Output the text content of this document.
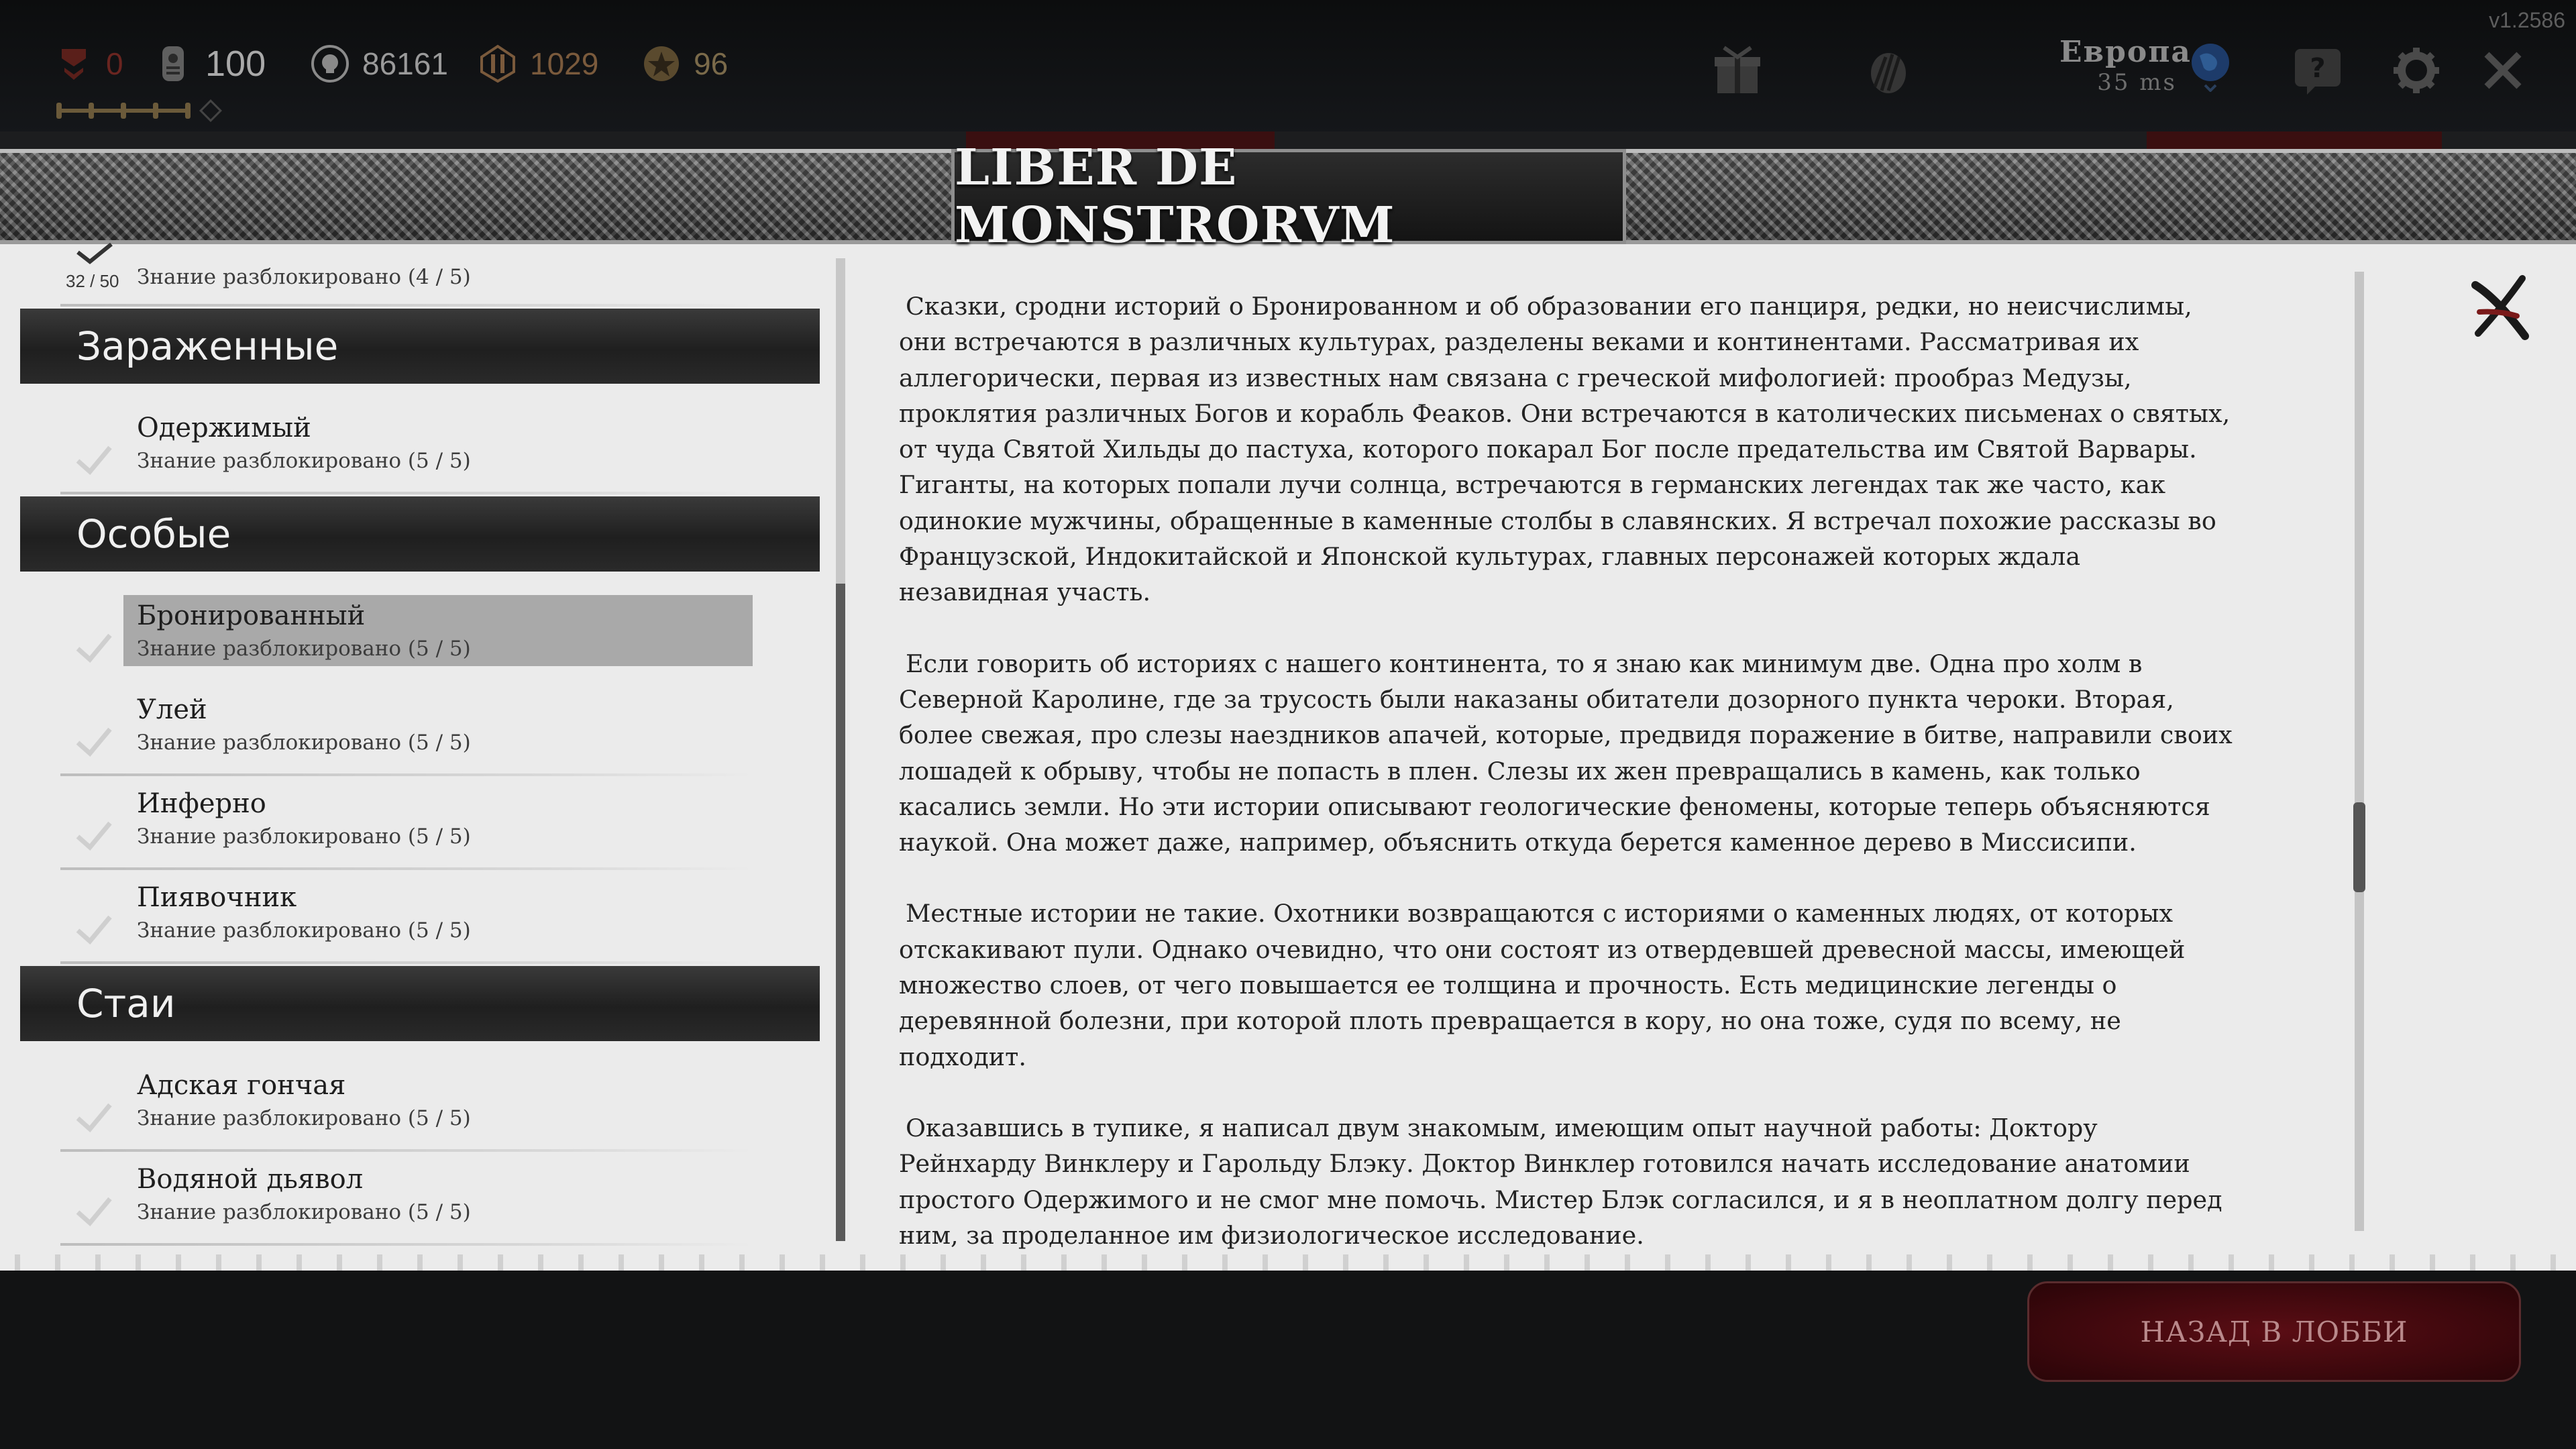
0 100	86161	1029	96	Европа
35 ms	?
v1.2586
LIBER DE MONSTRORVM
Знание разблокировано (4 / 5)
Зараженные
Одержимый
Знание разблокировано (5 / 5)
Особые
Бронированный
Знание разблокировано (5 / 5)
Улей
Знание разблокировано (5 / 5)
Инферно
Знание разблокировано (5 / 5)
Пиявочник
Знание разблокировано (5 / 5)
Стаи
Адская гончая
Знание разблокировано (5 / 5)
Водяной дьявол
Знание разблокировано (5 / 5)
32 / 50

Сказки, сродни историй о Бронированном и об образовании его панциря, редки, но неисчислимы, они встречаются в различных культурах, разделены веками и континентами. Рассматривая их аллегорически, первая из известных нам связана с греческой мифологией: прообраз Медузы, проклятия различных Богов и корабль Феаков. Они встречаются в католических письменах о святых, от чуда Святой Хильды до пастуха, которого покарал Бог после предательства им Святой Варвары. Гиганты, на которых попали лучи солнца, встречаются в германских легендах так же часто, как одинокие мужчины, обращенные в каменные столбы в славянских. Я встречал похожие рассказы во Французской, Индокитайской и Японской культурах, главных персонажей которых ждала незавидная участь.

Если говорить об историях с нашего континента, то я знаю как минимум две. Одна про холм в Северной Каролине, где за трусость были наказаны обитатели дозорного пункта чероки. Вторая, более свежая, про слезы наездников апачей, которые, предвидя поражение в битве, направили своих лошадей к обрыву, чтобы не попасть в плен. Слезы их жен превращались в камень, как только касались земли. Но эти истории описывают геологические феномены, которые теперь объясняются наукой. Она может даже, например, объяснить откуда берется каменное дерево в Миссисипи.

Местные истории не такие. Охотники возвращаются с историями о каменных людях, от которых отскакивают пули. Однако очевидно, что они состоят из отвердевшей древесной массы, имеющей множество слоев, от чего повышается ее толщина и прочность. Есть медицинские легенды о деревянной болезни, при которой плоть превращается в кору, но она тоже, судя по всему, не подходит.

Оказавшись в тупике, я написал двум знакомым, имеющим опыт научной работы: Доктору Рейнхарду Винклеру и Гарольду Блэку. Доктор Винклер готовился начать исследование анатомии простого Одержимого и не смог мне помочь. Мистер Блэк согласился, и я в неоплатном долгу перед ним, за проделанное им физиологическое исследование.

НАЗАД В ЛОББИ
